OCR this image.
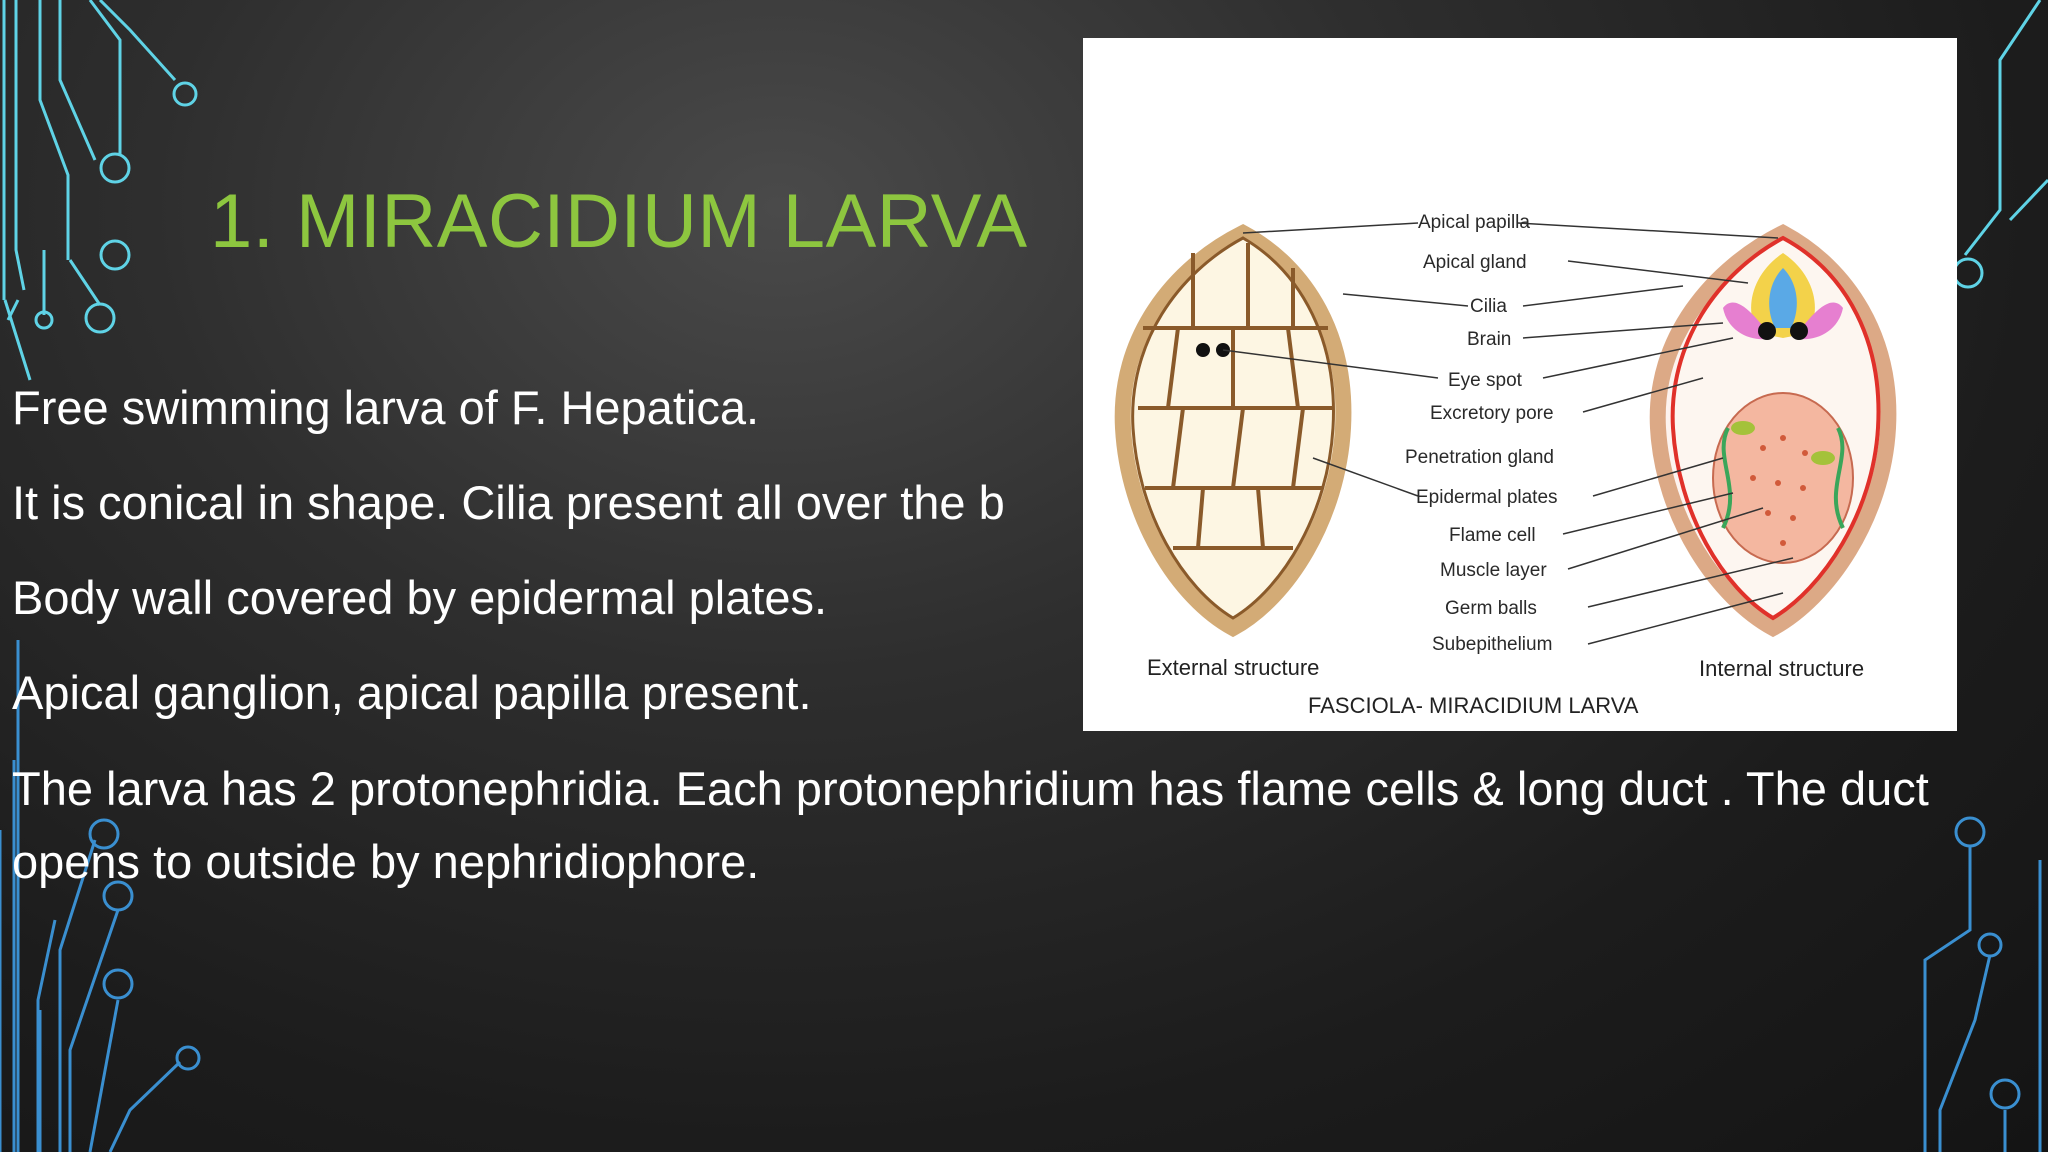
1. MIRACIDIUM LARVA
Free swimming larva of F. Hepatica.
It is conical in shape. Cilia present all over the b
Body wall covered by epidermal plates.
Apical ganglion, apical papilla present.
The larva has 2 protonephridia. Each protonephridium has flame cells & long duct . The duct opens to outside by nephridiophore.
Apical papilla
Apical gland
Cilia
Brain
Eye spot
Excretory pore
Penetration gland
Epidermal plates
Flame cell
Muscle layer
Germ balls
Subepithelium
External structure	Internal structure
FASCIOLA- MIRACIDIUM LARVA
